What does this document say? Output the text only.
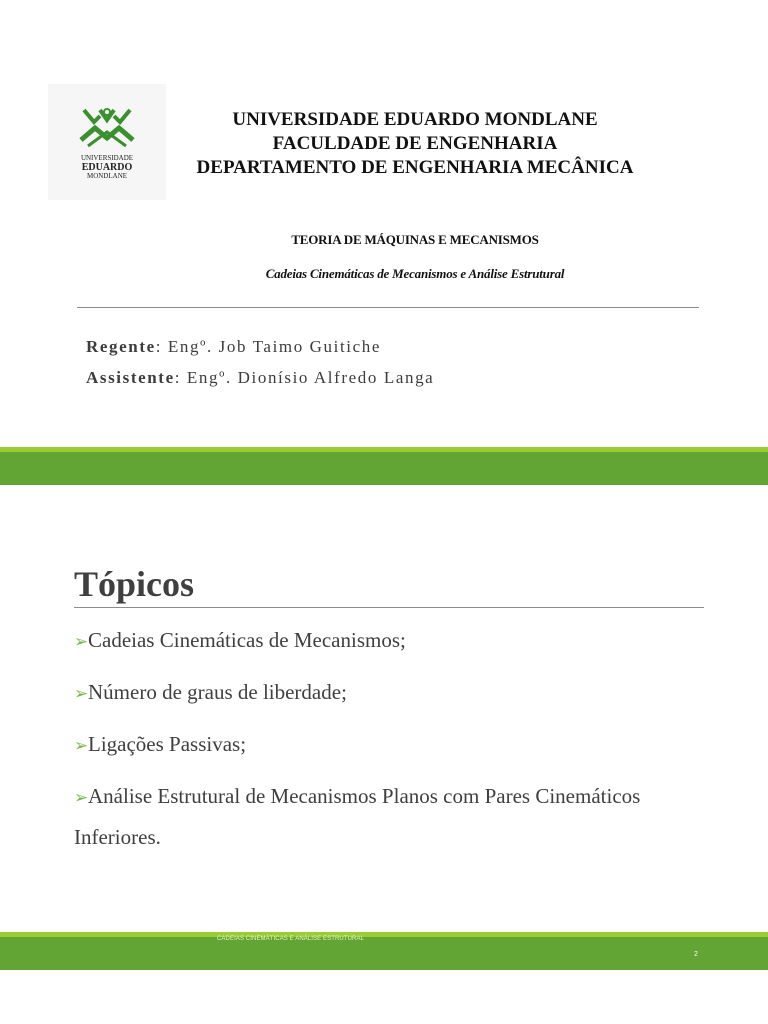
UNIVERSIDADE
EDUARDO
MONDLANE
UNIVERSIDADE EDUARDO MONDLANE
FACULDADE DE ENGENHARIA
DEPARTAMENTO DE ENGENHARIA MECÂNICA
TEORIA DE MÁQUINAS E MECANISMOS
Cadeias Cinemáticas de Mecanismos e Análise Estrutural
Regente: Engº. Job Taimo Guitiche
Assistente: Engº. Dionísio Alfredo Langa
Tópicos
➢Cadeias Cinemáticas de Mecanismos;
➢Número de graus de liberdade;
➢Ligações Passivas;
➢Análise Estrutural de Mecanismos Planos com Pares Cinemáticos
Inferiores.
CADEIAS CINEMÁTICAS E ANÁLISE ESTRUTURAL
2
